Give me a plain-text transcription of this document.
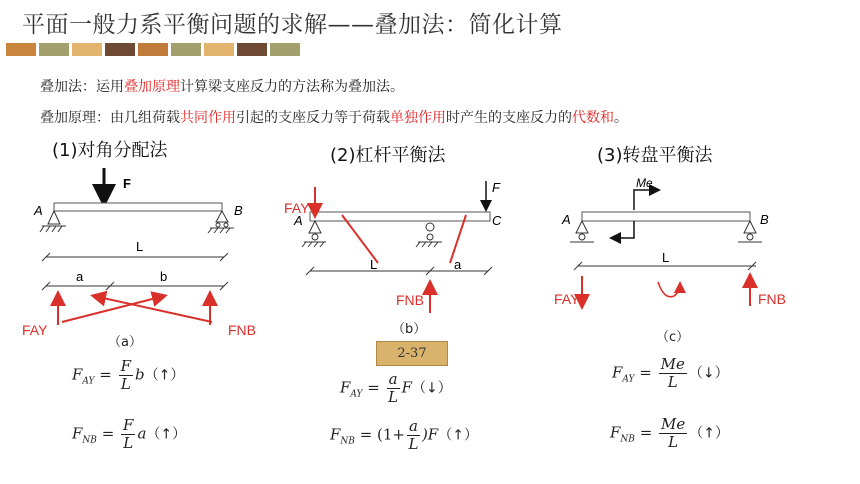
平面一般力系平衡问题的求解——叠加法：简化计算
叠加法：运用叠加原理计算梁支座反力的方法称为叠加法。
叠加原理：由几组荷载共同作用引起的支座反力等于荷载单独作用时产生的支座反力的代数和。
(1)对角分配法	(2)杠杆平衡法	(3)转盘平衡法
F
A	B
L
a	b
FAY	FNB
（a）
F
A	C
FAY
L	a
FNB
（b）
2-37
Me
A	B
L
FAY	FNB
（c）
$F_{AY} = \frac{F}{L}$ b（↑）
$F_{NB} = \frac{F}{L}$ a（↑）
$F_{AY} = \frac{a}{L}$ F（↓）
$F_{NB} = (1+ \frac{a}{L}$ )F（↑）
$F_{AY} = \frac{Me}{L}$ （↓）
$F_{NB} = \frac{Me}{L}$ （↑）
